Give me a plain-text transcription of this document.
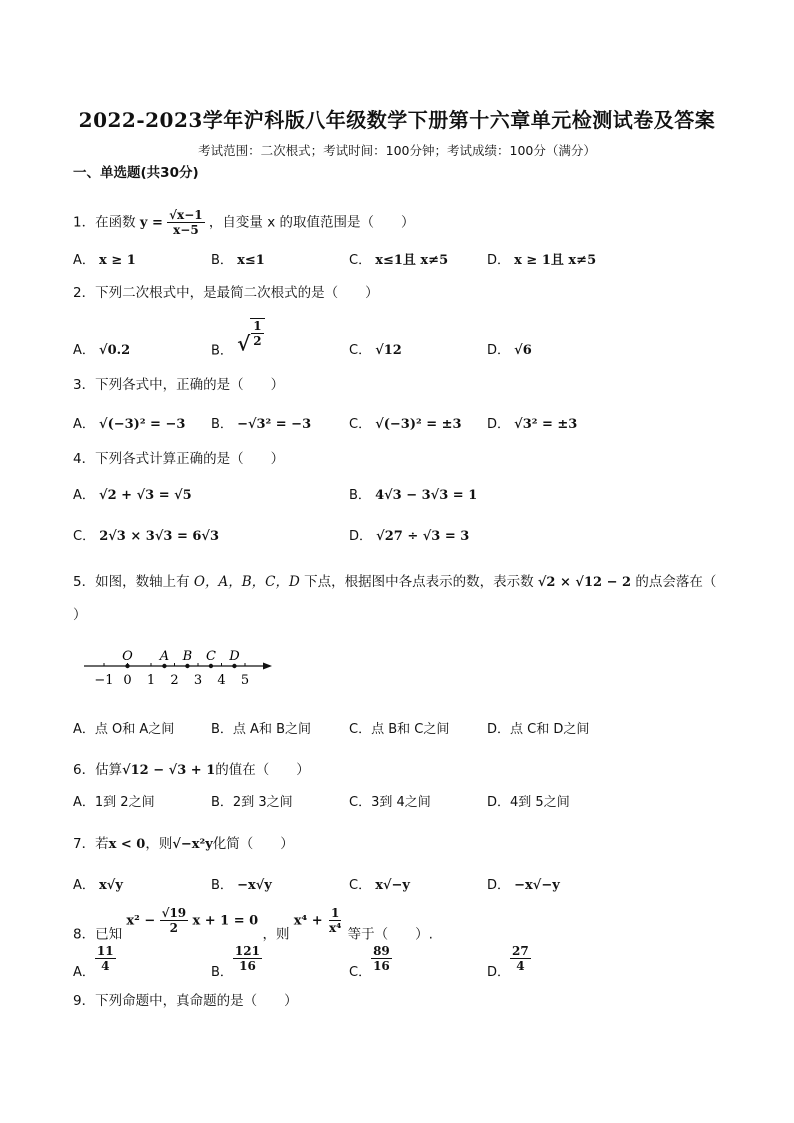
2022-2023学年沪科版八年级数学下册第十六章单元检测试卷及答案
考试范围：二次根式；考试时间：100分钟；考试成绩：100分（满分）
一、单选题(共30分)
1．在函数 $y = \frac{√x-1}{x-5}$ ，自变量 x 的取值范围是（　　）
A． x ≥ 1	B． x≤1	C． x≤1且 x≠5	D． x ≥ 1且 x≠5
2．下列二次根式中，是最简二次根式的是（　　）
A． √0.2	B． √ $\frac{1}{2}$
C． √12	D． √6
3．下列各式中，正确的是（　　）
A． √(−3)² = −3 B． −√3² = −3	C． √(−3)² = ±3 D． √3² = ±3
4．下列各式计算正确的是（　　）
A． √2 + √3 = √5	B． 4√3 − 3√3 = 1
C． 2√3 × 3√3 = 6√3	D． √27 ÷ √3 = 3
5．如图，数轴上有 O，A，B，C，D 下点，根据图中各点表示的数，表示数 √2 × √12 − 2 的点会落在（
）
−1 0 1 2 3 4 5
O A B C D
A．点 O和 A之间	B．点 A和 B之间	C．点 B和 C之间	D．点 C和 D之间
6．估算√12 − √3 + 1的值在（　　）
A．1到 2之间	B．2到 3之间	C．3到 4之间	D．4到 5之间
7．若x < 0，则√−x²y化简（　　）
A． x√y	B． −x√y	C． x√−y	D． −x√−y
8．已知 $x^2 - \frac{√19}{2}$ x + 1 = 0 ，则 $x^4 + \frac{1}{\text{x⁴}}$ 等于（　　）.
A． $\frac{11}{4}$	B． $\frac{121}{16}$	C． $\frac{89}{16}$	D． $\frac{27}{4}$
9．下列命题中，真命题的是（　　）
